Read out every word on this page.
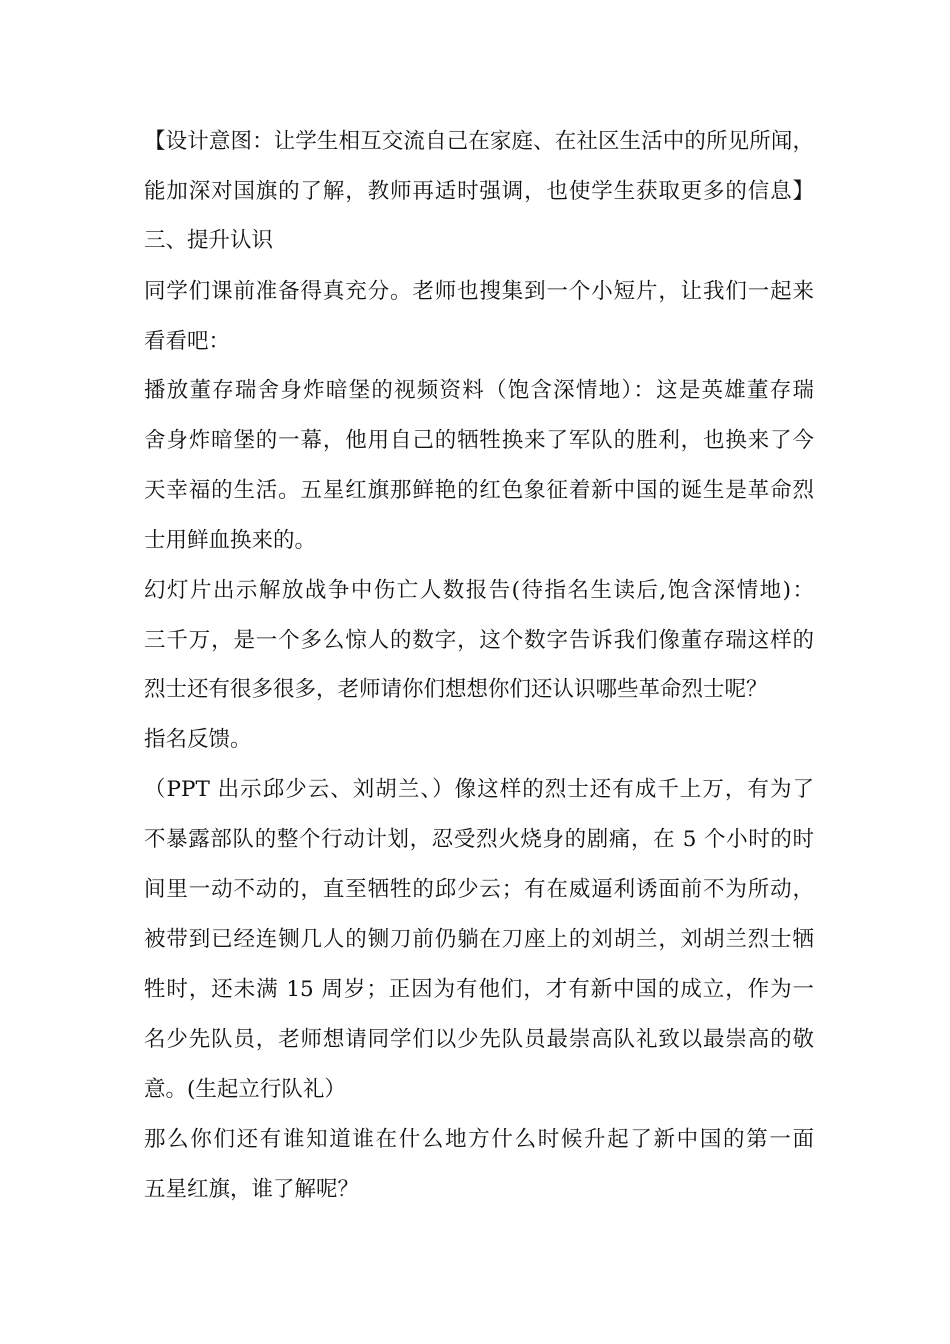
【设计意图：让学生相互交流自己在家庭、在社区生活中的所见所闻，
能加深对国旗的了解，教师再适时强调，也使学生获取更多的信息】
三、提升认识
同学们课前准备得真充分。老师也搜集到一个小短片，让我们一起来
看看吧：
播放董存瑞舍身炸暗堡的视频资料（饱含深情地）：这是英雄董存瑞
舍身炸暗堡的一幕，他用自己的牺牲换来了军队的胜利，也换来了今
天幸福的生活。五星红旗那鲜艳的红色象征着新中国的诞生是革命烈
士用鲜血换来的。
幻灯片出示解放战争中伤亡人数报告(待指名生读后,饱含深情地)：
三千万，是一个多么惊人的数字，这个数字告诉我们像董存瑞这样的
烈士还有很多很多，老师请你们想想你们还认识哪些革命烈士呢？
指名反馈。
（PPT 出示邱少云、刘胡兰、）像这样的烈士还有成千上万，有为了
不暴露部队的整个行动计划，忍受烈火烧身的剧痛，在 5 个小时的时
间里一动不动的，直至牺牲的邱少云；有在威逼利诱面前不为所动，
被带到已经连铡几人的铡刀前仍躺在刀座上的刘胡兰，刘胡兰烈士牺
牲时，还未满 15 周岁；正因为有他们，才有新中国的成立，作为一
名少先队员，老师想请同学们以少先队员最崇高队礼致以最崇高的敬
意。(生起立行队礼）
那么你们还有谁知道谁在什么地方什么时候升起了新中国的第一面
五星红旗，谁了解呢？
